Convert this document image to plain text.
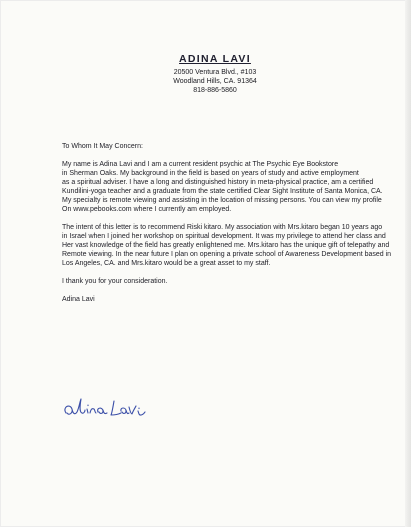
ADINA LAVI
20500 Ventura Blvd., #103
Woodland Hills, CA. 91364
818-886-5860

To Whom It May Concern:

My name is Adina Lavi and I am a current resident psychic at The Psychic Eye Bookstore

in Sherman Oaks. My background in the field is based on years of study and active employment

as a spiritual adviser. I have a long and distinguished history in meta-physical practice, am a certified

Kundilini-yoga teacher and a graduate from the state certified Clear Sight Institute of Santa Monica, CA.

My specialty is remote viewing and assisting in the location of missing persons. You can view my profile

On www.pebooks.com where I currently am employed.

The intent of this letter is to recommend Riski kitaro. My association with Mrs.kitaro began 10 years ago

in Israel when I joined her workshop on spiritual development. It was my privilege to attend her class and

Her vast knowledge of the field has greatly enlightened me. Mrs.kitaro has the unique gift of telepathy and

Remote viewing. In the near future I plan on opening a private school of Awareness Development based in

Los Angeles, CA. and Mrs.kitaro would be a great asset to my staff.

I thank you for your consideration.

Adina Lavi
